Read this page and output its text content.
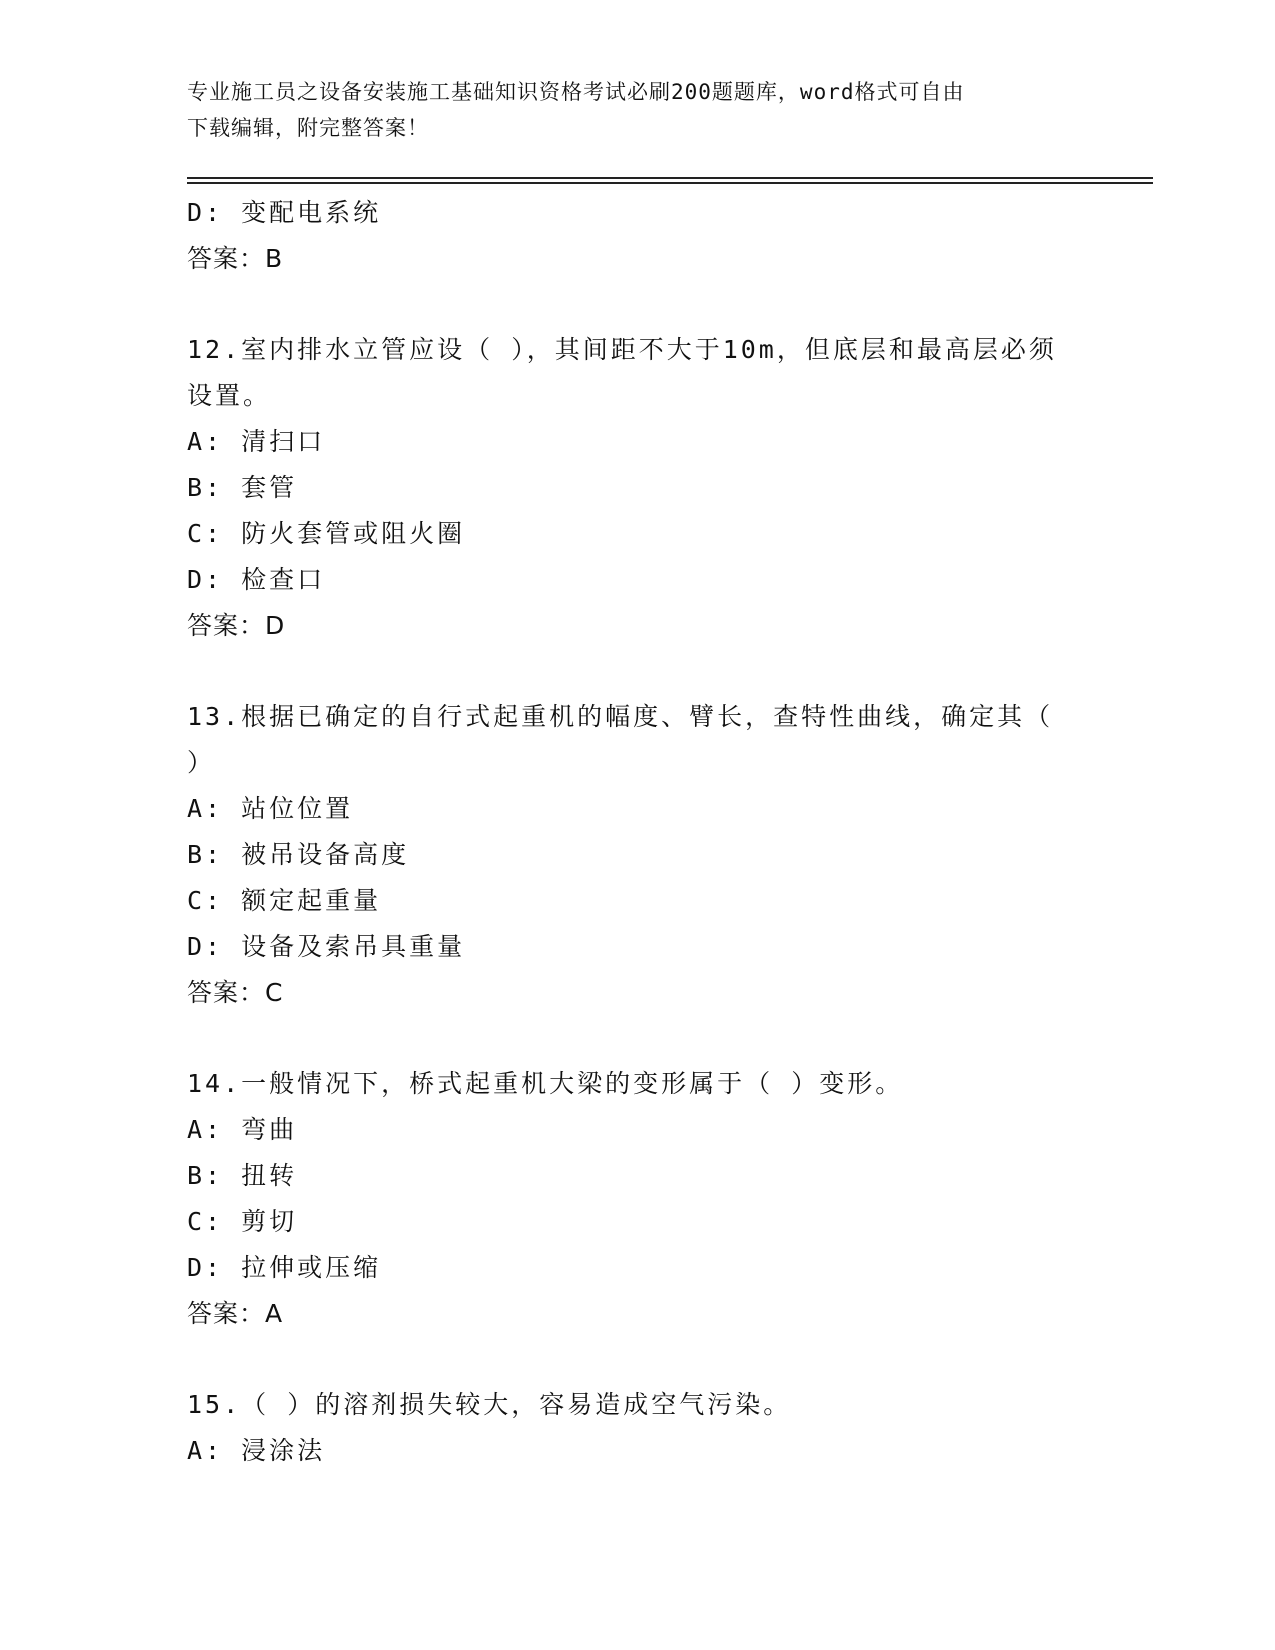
专业施工员之设备安装施工基础知识资格考试必刷200题题库，word格式可自由
下载编辑，附完整答案！
D: 变配电系统
答案：B
12.室内排水立管应设（ ），其间距不大于10m，但底层和最高层必须
设置。
A: 清扫口
B: 套管
C: 防火套管或阻火圈
D: 检查口
答案：D
13.根据已确定的自行式起重机的幅度、臂长，查特性曲线，确定其（
）
A: 站位位置
B: 被吊设备高度
C: 额定起重量
D: 设备及索吊具重量
答案：C
14.一般情况下，桥式起重机大梁的变形属于（ ）变形。
A: 弯曲
B: 扭转
C: 剪切
D: 拉伸或压缩
答案：A
15.（ ）的溶剂损失较大，容易造成空气污染。
A: 浸涂法
